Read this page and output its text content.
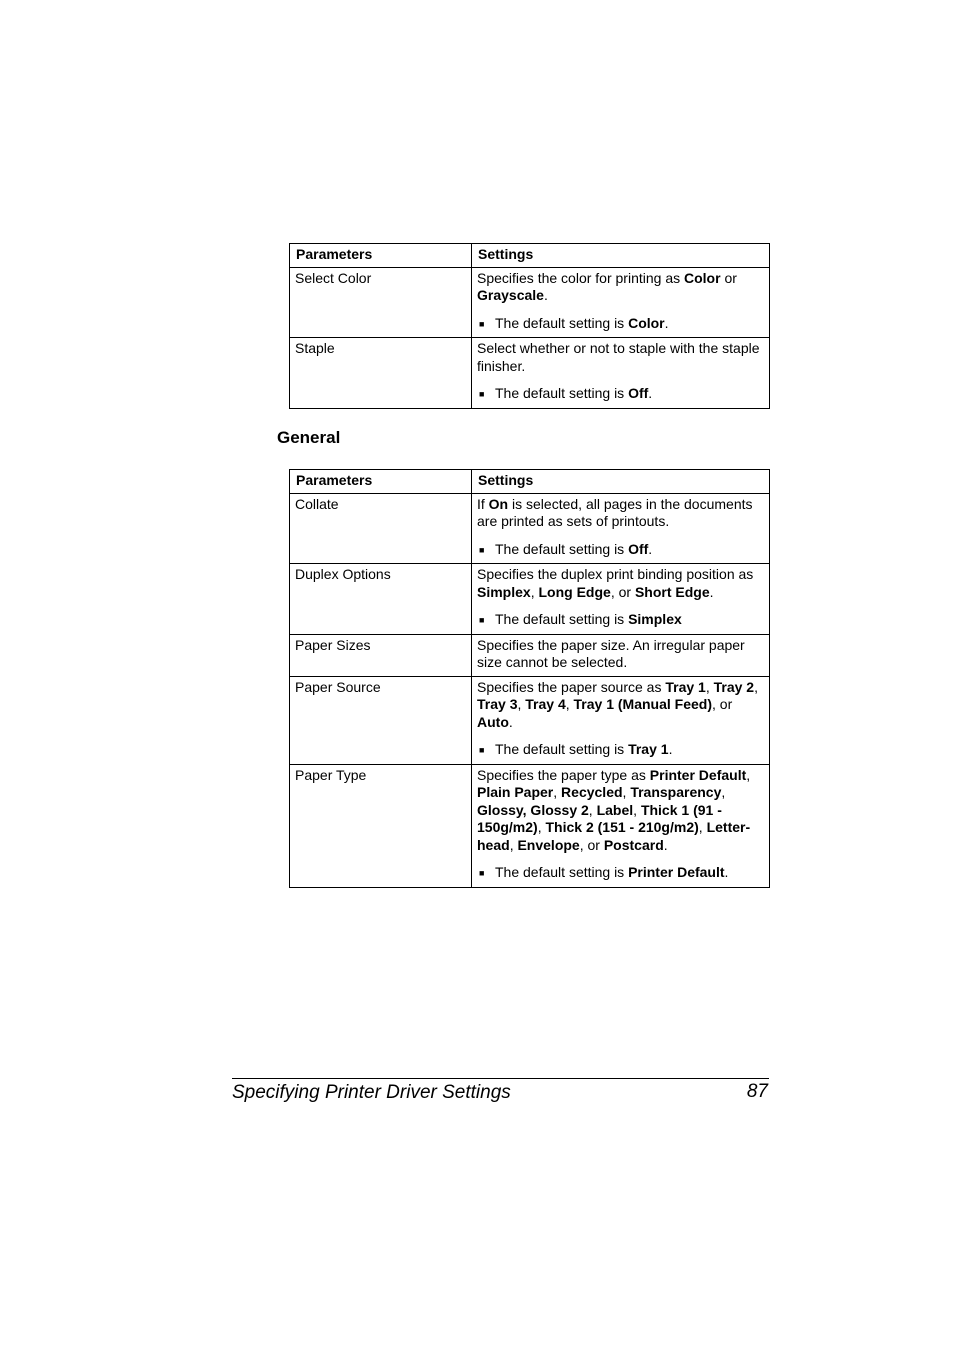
Parameters	Settings
Select Color	Specifies the color for printing as Color or Grayscale.

■ The default setting is Color.

Staple	Select whether or not to staple with the staple finisher.

■ The default setting is Off.

General
Parameters	Settings
Collate	If On is selected, all pages in the documents are printed as sets of printouts.

■ The default setting is Off.

Duplex Options	Specifies the duplex print binding position as Simplex, Long Edge, or Short Edge.

■ The default setting is Simplex

Paper Sizes	Specifies the paper size. An irregular paper size cannot be selected.

Paper Source	Specifies the paper source as Tray 1, Tray 2, Tray 3, Tray 4, Tray 1 (Manual Feed), or Auto.

■ The default setting is Tray 1.

Paper Type	Specifies the paper type as Printer Default, Plain Paper, Recycled, Transparency, Glossy, Glossy 2, Label, Thick 1 (91 - 150g/m2), Thick 2 (151 - 210g/m2), Letter-head, Envelope, or Postcard.

■ The default setting is Printer Default.

Specifying Printer Driver Settings	87
